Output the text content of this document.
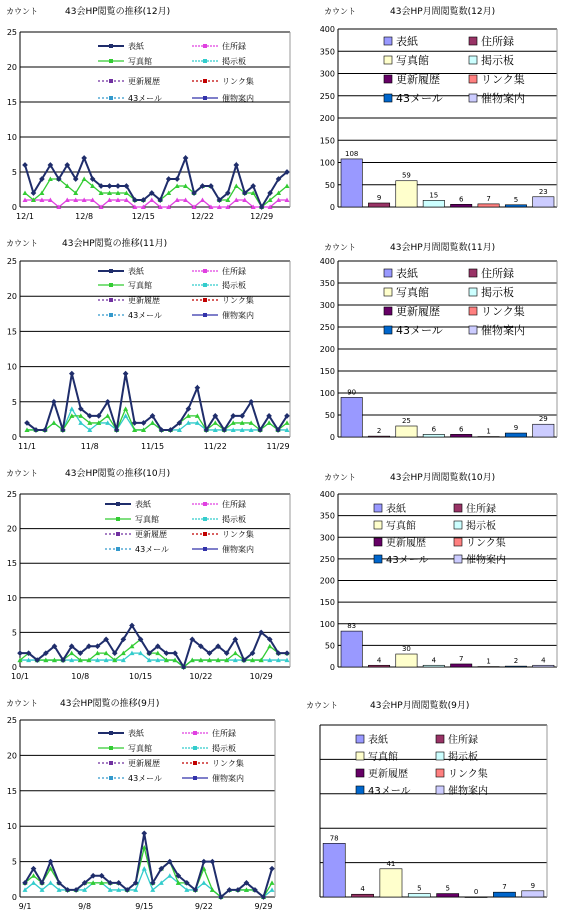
43会HP閲覧の推移(12月)
カウント
0
5
10
15
20
25
12/1	12/8	12/15	12/22	12/29
表紙	住所録
写真館	掲示板
更新履歴	リンク集
43メール	催物案内
43会HP月間閲覧数(12月)
カウント
0
50
100
150
200
250
300
350
400
108
9
59
15
6	7	5
23
表紙	住所録
写真館	掲示板
更新履歴	リンク集
43メール	催物案内
43会HP閲覧の推移(11月)
カウント
0
5
10
15
20
25
11/1	11/8	11/15	11/22	11/29
表紙	住所録
写真館	掲示板
更新履歴	リンク集
43メール	催物案内
43会HP月間閲覧数(11月)
カウント
0
50
100
150
200
250
300
350
400
90
2
25
6	6	1	9
29
表紙	住所録
写真館	掲示板
更新履歴	リンク集
43メール	催物案内
43会HP閲覧の推移(10月)
カウント
0
5
10
15
20
25
10/1	10/8	10/15	10/22	10/29
表紙	住所録
写真館	掲示板
更新履歴	リンク集
43メール	催物案内
43会HP月間閲覧数(10月)
カウント
0
50
100
150
200
250
300
350
400
83
4
30
4	7	1	2	4
表紙	住所録
写真館	掲示板
更新履歴	リンク集
43メール	催物案内
43会HP閲覧の推移(9月)
カウント
0
5
10
15
20
25
9/1	9/8	9/15	9/22	9/29
表紙	住所録
写真館	掲示板
更新履歴	リンク集
43メール	催物案内
43会HP月間閲覧数(9月)
カウント
78
4
41
5	5	0
7	9
表紙	住所録
写真館	掲示板
更新履歴	リンク集
43メール	催物案内
